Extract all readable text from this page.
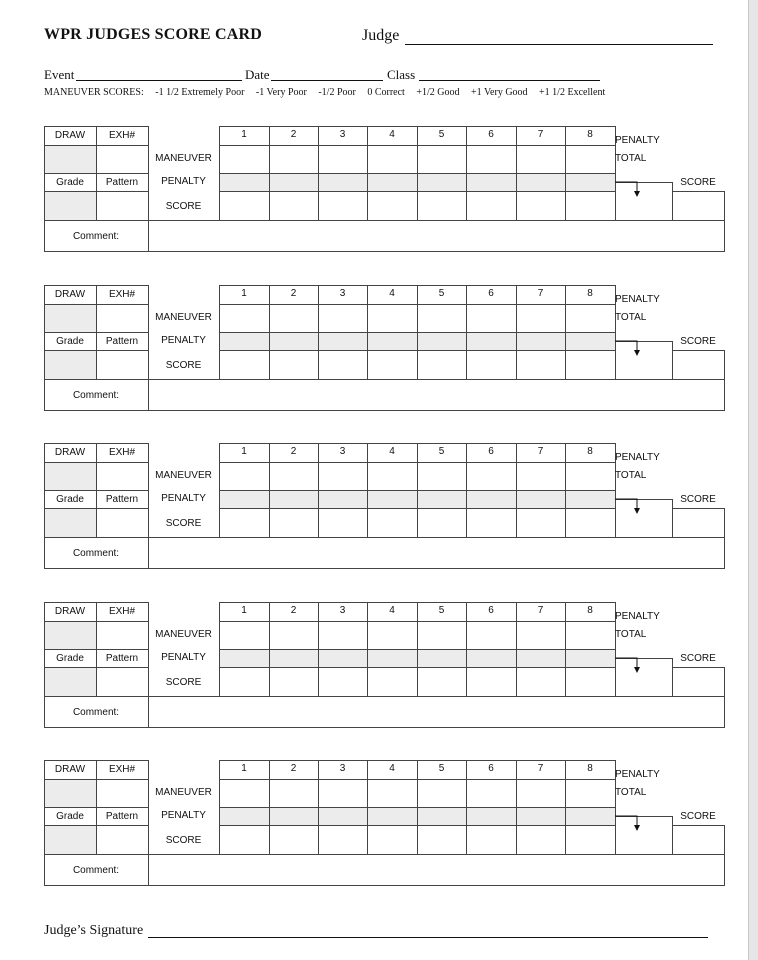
WPR JUDGES SCORE CARD	Judge
Event	Date	Class
MANEUVER SCORES: -1 1/2 Extremely Poor -1 Very Poor -1/2 Poor 0 Correct +1/2 Good +1 Very Good +1 1/2 Excellent
DRAW	EXH#
Grade	Pattern
MANEUVER
PENALTY
SCORE
1	2	3	4	5	6	7	8
PENALTY
TOTAL
SCORE
Comment:
DRAW	EXH#
Grade	Pattern
MANEUVER
PENALTY
SCORE
1	2	3	4	5	6	7	8
PENALTY
TOTAL
SCORE
Comment:
DRAW	EXH#
Grade	Pattern
MANEUVER
PENALTY
SCORE
1	2	3	4	5	6	7	8
PENALTY
TOTAL
SCORE
Comment:
DRAW	EXH#
Grade	Pattern
MANEUVER
PENALTY
SCORE
1	2	3	4	5	6	7	8
PENALTY
TOTAL
SCORE
Comment:
DRAW	EXH#
Grade	Pattern
MANEUVER
PENALTY
SCORE
1	2	3	4	5	6	7	8
PENALTY
TOTAL
SCORE
Comment:
Judge’s Signature
